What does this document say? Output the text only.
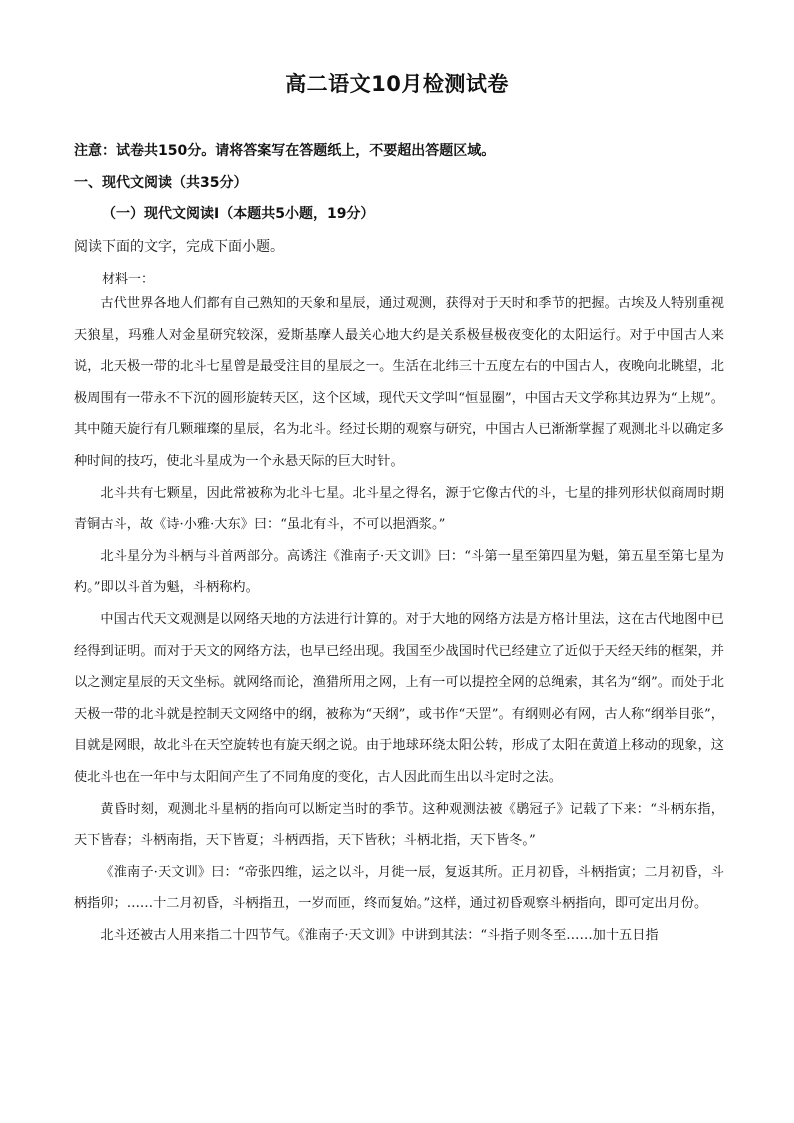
高二语文10月检测试卷
注意：试卷共150分。请将答案写在答题纸上，不要超出答题区域。
一、现代文阅读（共35分）
（一）现代文阅读Ⅰ（本题共5小题，19分）
阅读下面的文字，完成下面小题。
材料一：

古代世界各地人们都有自己熟知的天象和星辰，通过观测，获得对于天时和季节的把握。古埃及人特别重视天狼星，玛雅人对金星研究较深，爱斯基摩人最关心地大约是关系极昼极夜变化的太阳运行。对于中国古人来说，北天极一带的北斗七星曾是最受注目的星辰之一。生活在北纬三十五度左右的中国古人，夜晚向北眺望，北极周围有一带永不下沉的圆形旋转天区，这个区域，现代天文学叫“恒显圈”，中国古天文学称其边界为“上规”。其中随天旋行有几颗璀璨的星辰，名为北斗。经过长期的观察与研究，中国古人已渐渐掌握了观测北斗以确定多种时间的技巧，使北斗星成为一个永悬天际的巨大时针。

北斗共有七颗星，因此常被称为北斗七星。北斗星之得名，源于它像古代的斗，七星的排列形状似商周时期青铜古斗，故《诗·小雅·大东》曰：“虽北有斗，不可以挹酒浆。”

北斗星分为斗柄与斗首两部分。高诱注《淮南子·天文训》曰：“斗第一星至第四星为魁，第五星至第七星为杓。”即以斗首为魁，斗柄称杓。

中国古代天文观测是以网络天地的方法进行计算的。对于大地的网络方法是方格计里法，这在古代地图中已经得到证明。而对于天文的网络方法，也早已经出现。我国至少战国时代已经建立了近似于天经天纬的框架，并以之测定星辰的天文坐标。就网络而论，渔猎所用之网，上有一可以提控全网的总绳索，其名为“纲”。而处于北天极一带的北斗就是控制天文网络中的纲，被称为“天纲”，或书作“天罡”。有纲则必有网，古人称“纲举目张”，目就是网眼，故北斗在天空旋转也有旋天纲之说。由于地球环绕太阳公转，形成了太阳在黄道上移动的现象，这使北斗也在一年中与太阳间产生了不同角度的变化，古人因此而生出以斗定时之法。

黄昏时刻，观测北斗星柄的指向可以断定当时的季节。这种观测法被《鹖冠子》记载了下来：“斗柄东指，天下皆春；斗柄南指，天下皆夏；斗柄西指，天下皆秋；斗柄北指，天下皆冬。”

《淮南子·天文训》曰：“帝张四维，运之以斗，月徙一辰，复返其所。正月初昏，斗柄指寅；二月初昏，斗柄指卯；……十二月初昏，斗柄指丑，一岁而匝，终而复始。”这样，通过初昏观察斗柄指向，即可定出月份。

北斗还被古人用来指二十四节气。《淮南子·天文训》中讲到其法：“斗指子则冬至……加十五日指
